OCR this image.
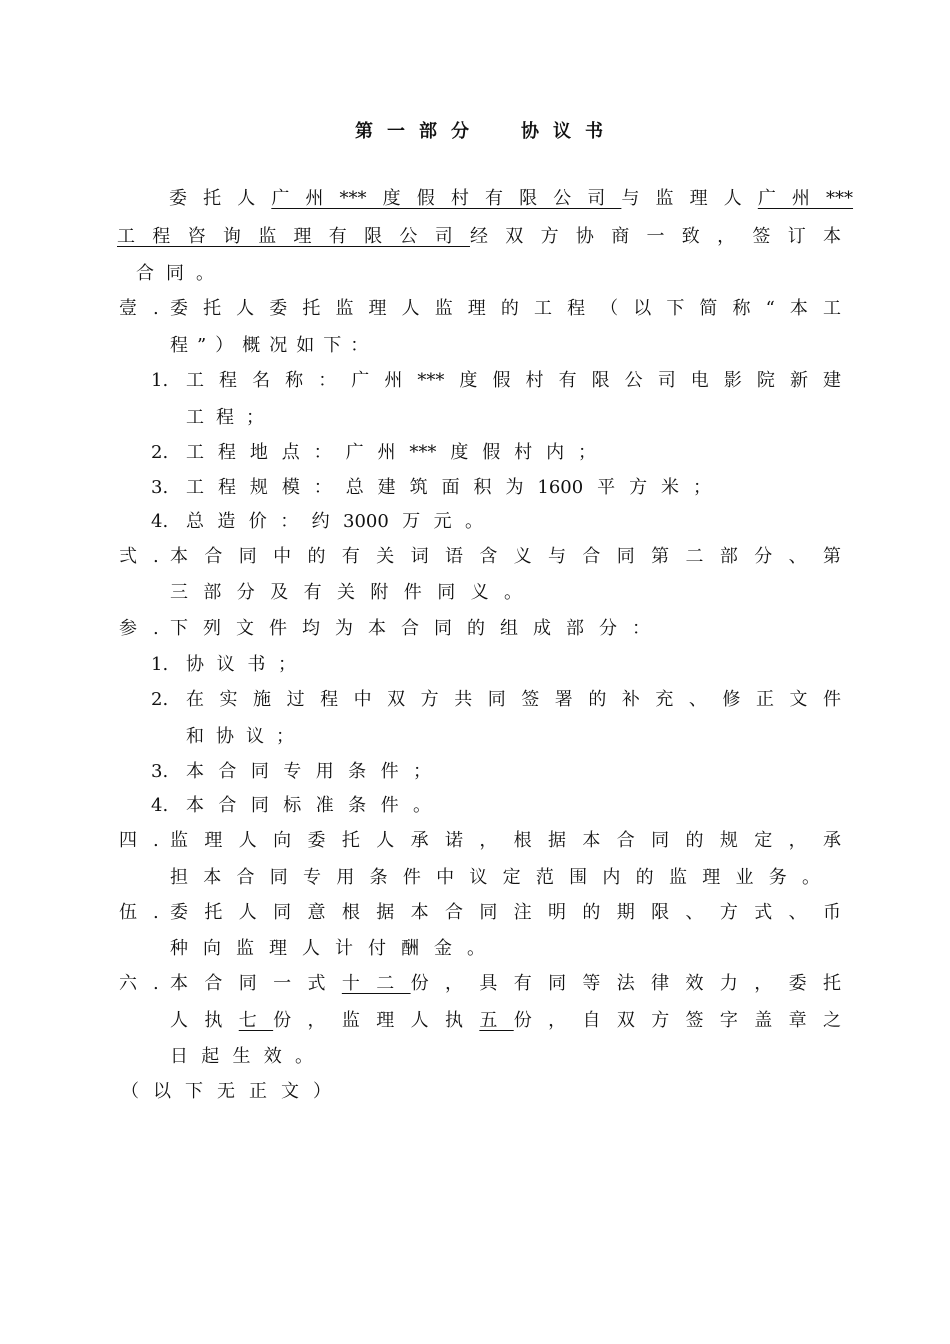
第一部分 协议书
委托人广州***度假村有限公司与监理人广州***
工程咨询监理有限公司经双方协商一致，签订本
合同。
壹 . 委托人委托监理人监理的工程（以下简称“本工
程”）概况如下：
1. 工程名称：广州***度假村有限公司电影院新建
工程；
2. 工程地点：广州***度假村内；
3. 工程规模：总建筑面积为1600平方米；
4. 总造价：约3000万元。
弍 . 本合同中的有关词语含义与合同第二部分、第
三部分及有关附件同义。
参 . 下列文件均为本合同的组成部分：
1. 协议书；
2. 在实施过程中双方共同签署的补充、修正文件
和协议；
3. 本合同专用条件；
4. 本合同标准条件。
四 . 监理人向委托人承诺，根据本合同的规定，承
担本合同专用条件中议定范围内的监理业务。
伍 . 委托人同意根据本合同注明的期限、方式、币
种向监理人计付酬金。
六 . 本合同一式十二份，具有同等法律效力，委托
人执七份，监理人执五份，自双方签字盖章之
日起生效。
（以下无正文）
